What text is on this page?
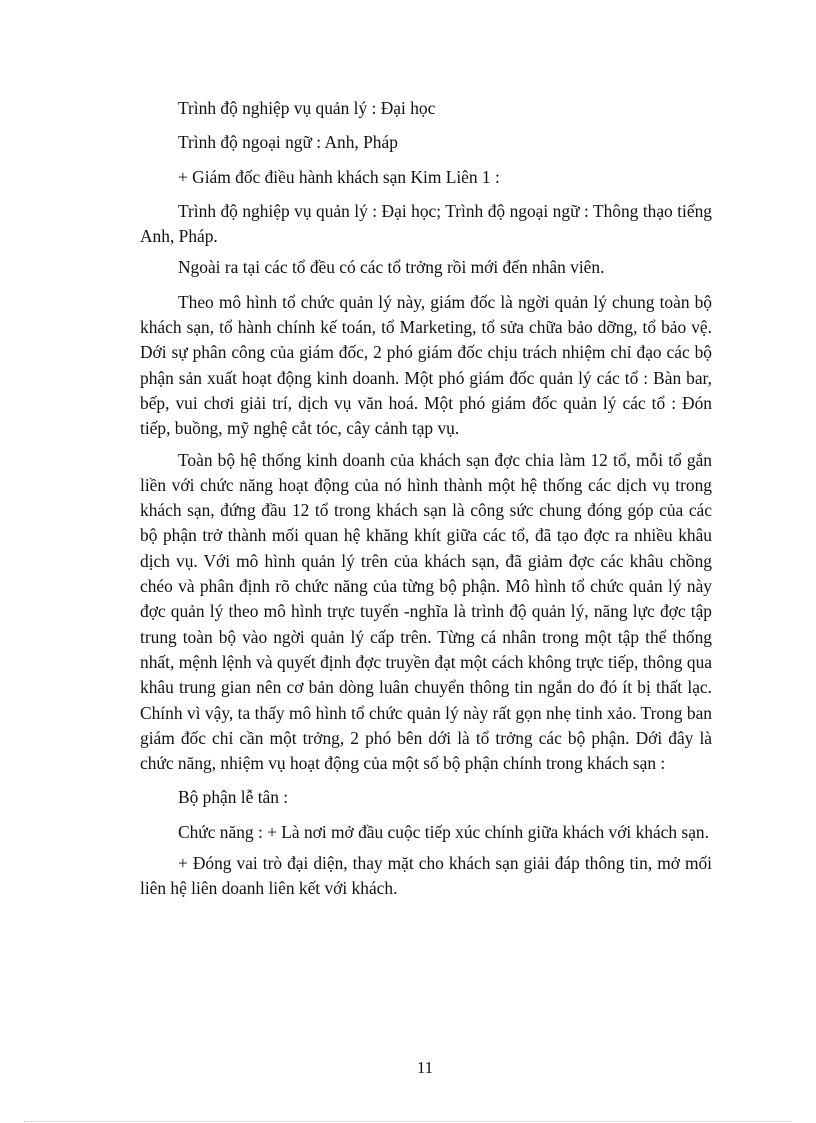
Trình độ nghiệp vụ quản lý : Đại học

Trình độ ngoại ngữ : Anh, Pháp

+ Giám đốc điều hành khách sạn Kim Liên 1 :

Trình độ nghiệp vụ quản lý : Đại học; Trình độ ngoại ngữ : Thông thạo tiếng Anh, Pháp.

Ngoài ra tại các tổ đều có các tổ trởng rồi mới đến nhân viên.

Theo mô hình tổ chức quản lý này, giám đốc là ngời quản lý chung toàn bộ khách sạn, tổ hành chính kế toán, tổ Marketing, tổ sửa chữa bảo dỡng, tổ bảo vệ. Dới sự phân công của giám đốc, 2 phó giám đốc chịu trách nhiệm chỉ đạo các bộ phận sản xuất hoạt động kinh doanh. Một phó giám đốc quản lý các tổ : Bàn bar, bếp, vui chơi giải trí, dịch vụ văn hoá. Một phó giám đốc quản lý các tổ : Đón tiếp, buồng, mỹ nghệ cắt tóc, cây cảnh tạp vụ.

Toàn bộ hệ thống kinh doanh của khách sạn đợc chia làm 12 tổ, mỗi tổ gắn liền với chức năng hoạt động của nó hình thành một hệ thống các dịch vụ trong khách sạn, đứng đầu 12 tổ trong khách sạn là công sức chung đóng góp của các bộ phận trở thành mối quan hệ khăng khít giữa các tổ, đã tạo đợc ra nhiều khâu dịch vụ. Với mô hình quản lý trên của khách sạn, đã giảm đợc các khâu chồng chéo và phân định rõ chức năng của từng bộ phận. Mô hình tổ chức quản lý này đợc quản lý theo mô hình trực tuyến -nghĩa là trình độ quản lý, năng lực đợc tập trung toàn bộ vào ngời quản lý cấp trên. Từng cá nhân trong một tập thể thống nhất, mệnh lệnh và quyết định đợc truyền đạt một cách không trực tiếp, thông qua khâu trung gian nên cơ bản dòng luân chuyển thông tin ngắn do đó ít bị thất lạc. Chính vì vậy, ta thấy mô hình tổ chức quản lý này rất gọn nhẹ tinh xảo. Trong ban giám đốc chỉ cần một trởng, 2 phó bên dới là tổ trởng các bộ phận. Dới đây là chức năng, nhiệm vụ hoạt động của một số bộ phận chính trong khách sạn :

Bộ phận lễ tân :

Chức năng : + Là nơi mở đầu cuộc tiếp xúc chính giữa khách với khách sạn.

+ Đóng vai trò đại diện, thay mặt cho khách sạn giải đáp thông tin, mở mối liên hệ liên doanh liên kết với khách.

11
